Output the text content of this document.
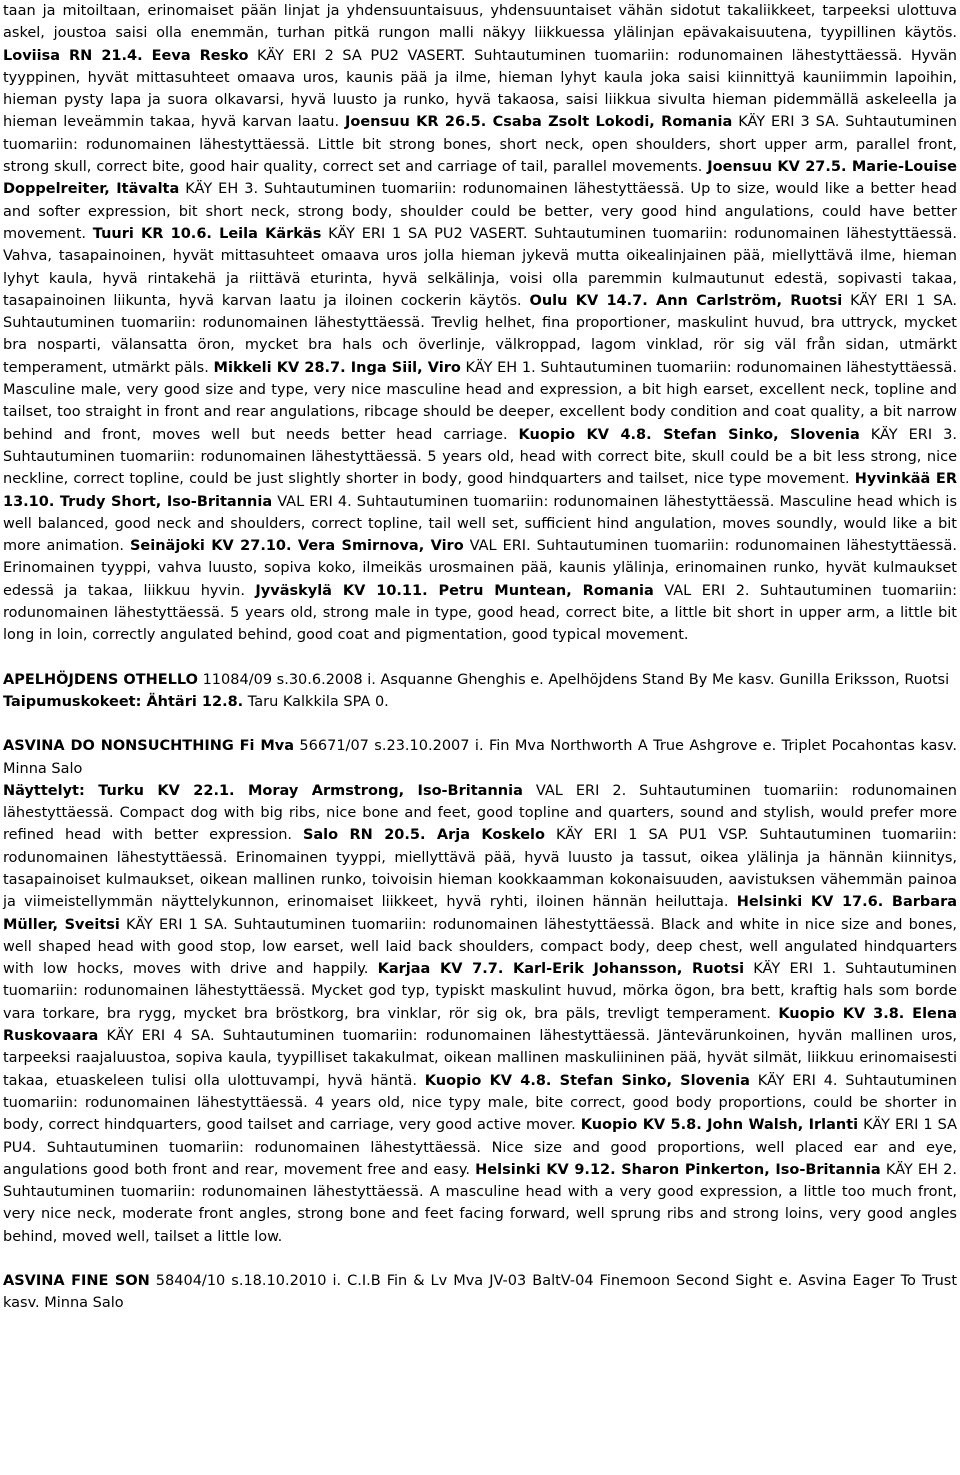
taan ja mitoiltaan, erinomaiset pään linjat ja yhdensuuntaisuus, yhdensuuntaiset vähän sidotut takaliikkeet, tarpeeksi ulottuva askel, joustoa saisi olla enemmän, turhan pitkä rungon malli näkyy liikkuessa ylälinjan epävakaisuutena, tyypillinen käytös. Loviisa RN 21.4. Eeva Resko KÄY ERI 2 SA PU2 VASERT. Suhtautuminen tuomariin: rodunomainen lähestyttäessä. Hyvän tyyppinen, hyvät mittasuhteet omaava uros, kaunis pää ja ilme, hieman lyhyt kaula joka saisi kiinnittyä kauniimmin lapoihin, hieman pysty lapa ja suora olkavarsi, hyvä luusto ja runko, hyvä takaosa, saisi liikkua sivulta hieman pidemmällä askeleella ja hieman leveämmin takaa, hyvä karvan laatu. Joensuu KR 26.5. Csaba Zsolt Lokodi, Romania KÄY ERI 3 SA. Suhtautuminen tuomariin: rodunomainen lähestyttäessä. Little bit strong bones, short neck, open shoulders, short upper arm, parallel front, strong skull, correct bite, good hair quality, correct set and carriage of tail, parallel movements. Joensuu KV 27.5. Marie-Louise Doppelreiter, Itävalta KÄY EH 3. Suhtautuminen tuomariin: rodunomainen lähestyttäessä. Up to size, would like a better head and softer expression, bit short neck, strong body, shoulder could be better, very good hind angulations, could have better movement. Tuuri KR 10.6. Leila Kärkäs KÄY ERI 1 SA PU2 VASERT. Suhtautuminen tuomariin: rodunomainen lähestyttäessä. Vahva, tasapainoinen, hyvät mittasuhteet omaava uros jolla hieman jykevä mutta oikealinjainen pää, miellyttävä ilme, hieman lyhyt kaula, hyvä rintakehä ja riittävä eturinta, hyvä selkälinja, voisi olla paremmin kulmautunut edestä, sopivasti takaa, tasapainoinen liikunta, hyvä karvan laatu ja iloinen cockerin käytös. Oulu KV 14.7. Ann Carlström, Ruotsi KÄY ERI 1 SA. Suhtautuminen tuomariin: rodunomainen lähestyttäessä. Trevlig helhet, fina proportioner, maskulint huvud, bra uttryck, mycket bra nosparti, välansatta öron, mycket bra hals och överlinje, välkroppad, lagom vinklad, rör sig väl från sidan, utmärkt temperament, utmärkt päls. Mikkeli KV 28.7. Inga Siil, Viro KÄY EH 1. Suhtautuminen tuomariin: rodunomainen lähestyttäessä. Masculine male, very good size and type, very nice masculine head and expression, a bit high earset, excellent neck, topline and tailset, too straight in front and rear angulations, ribcage should be deeper, excellent body condition and coat quality, a bit narrow behind and front, moves well but needs better head carriage. Kuopio KV 4.8. Stefan Sinko, Slovenia KÄY ERI 3. Suhtautuminen tuomariin: rodunomainen lähestyttäessä. 5 years old, head with correct bite, skull could be a bit less strong, nice neckline, correct topline, could be just slightly shorter in body, good hindquarters and tailset, nice type movement. Hyvinkää ER 13.10. Trudy Short, Iso-Britannia VAL ERI 4. Suhtautuminen tuomariin: rodunomainen lähestyttäessä. Masculine head which is well balanced, good neck and shoulders, correct topline, tail well set, sufficient hind angulation, moves soundly, would like a bit more animation. Seinäjoki KV 27.10. Vera Smirnova, Viro VAL ERI. Suhtautuminen tuomariin: rodunomainen lähestyttäessä. Erinomainen tyyppi, vahva luusto, sopiva koko, ilmeikäs urosmainen pää, kaunis ylälinja, erinomainen runko, hyvät kulmaukset edessä ja takaa, liikkuu hyvin. Jyväskylä KV 10.11. Petru Muntean, Romania VAL ERI 2. Suhtautuminen tuomariin: rodunomainen lähestyttäessä. 5 years old, strong male in type, good head, correct bite, a little bit short in upper arm, a little bit long in loin, correctly angulated behind, good coat and pigmentation, good typical movement.

APELHÖJDENS OTHELLO 11084/09 s.30.6.2008 i. Asquanne Ghenghis e. Apelhöjdens Stand By Me kasv. Gunilla Eriksson, Ruotsi

Taipumuskokeet: Ähtäri 12.8. Taru Kalkkila SPA 0.

ASVINA DO NONSUCHTHING Fi Mva 56671/07 s.23.10.2007 i. Fin Mva Northworth A True Ashgrove e. Triplet Pocahontas kasv. Minna Salo

Näyttelyt: Turku KV 22.1. Moray Armstrong, Iso-Britannia VAL ERI 2. Suhtautuminen tuomariin: rodunomainen lähestyttäessä. Compact dog with big ribs, nice bone and feet, good topline and quarters, sound and stylish, would prefer more refined head with better expression. Salo RN 20.5. Arja Koskelo KÄY ERI 1 SA PU1 VSP. Suhtautuminen tuomariin: rodunomainen lähestyttäessä. Erinomainen tyyppi, miellyttävä pää, hyvä luusto ja tassut, oikea ylälinja ja hännän kiinnitys, tasapainoiset kulmaukset, oikean mallinen runko, toivoisin hieman kookkaamman kokonaisuuden, aavistuksen vähemmän painoa ja viimeistellymmän näyttelykunnon, erinomaiset liikkeet, hyvä ryhti, iloinen hännän heiluttaja. Helsinki KV 17.6. Barbara Müller, Sveitsi KÄY ERI 1 SA. Suhtautuminen tuomariin: rodunomainen lähestyttäessä. Black and white in nice size and bones, well shaped head with good stop, low earset, well laid back shoulders, compact body, deep chest, well angulated hindquarters with low hocks, moves with drive and happily. Karjaa KV 7.7. Karl-Erik Johansson, Ruotsi KÄY ERI 1. Suhtautuminen tuomariin: rodunomainen lähestyttäessä. Mycket god typ, typiskt maskulint huvud, mörka ögon, bra bett, kraftig hals som borde vara torkare, bra rygg, mycket bra bröstkorg, bra vinklar, rör sig ok, bra päls, trevligt temperament. Kuopio KV 3.8. Elena Ruskovaara KÄY ERI 4 SA. Suhtautuminen tuomariin: rodunomainen lähestyttäessä. Jäntevärunkoinen, hyvän mallinen uros, tarpeeksi raajaluustoa, sopiva kaula, tyypilliset takakulmat, oikean mallinen maskuliininen pää, hyvät silmät, liikkuu erinomaisesti takaa, etuaskeleen tulisi olla ulottuvampi, hyvä häntä. Kuopio KV 4.8. Stefan Sinko, Slovenia KÄY ERI 4. Suhtautuminen tuomariin: rodunomainen lähestyttäessä. 4 years old, nice typy male, bite correct, good body proportions, could be shorter in body, correct hindquarters, good tailset and carriage, very good active mover. Kuopio KV 5.8. John Walsh, Irlanti KÄY ERI 1 SA PU4. Suhtautuminen tuomariin: rodunomainen lähestyttäessä. Nice size and good proportions, well placed ear and eye, angulations good both front and rear, movement free and easy. Helsinki KV 9.12. Sharon Pinkerton, Iso-Britannia KÄY EH 2. Suhtautuminen tuomariin: rodunomainen lähestyttäessä. A masculine head with a very good expression, a little too much front, very nice neck, moderate front angles, strong bone and feet facing forward, well sprung ribs and strong loins, very good angles behind, moved well, tailset a little low.

ASVINA FINE SON 58404/10 s.18.10.2010 i. C.I.B Fin & Lv Mva JV-03 BaltV-04 Finemoon Second Sight e. Asvina Eager To Trust kasv. Minna Salo
